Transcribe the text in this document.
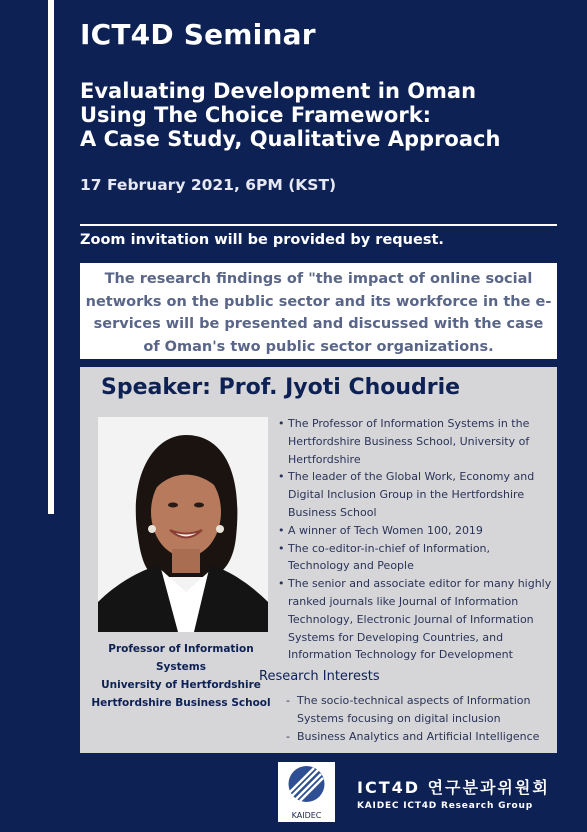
ICT4D Seminar
Evaluating Development in Oman
Using The Choice Framework:
A Case Study, Qualitative Approach
17 February 2021, 6PM (KST)
Zoom invitation will be provided by request.
The research findings of "the impact of online social networks on the public sector and its workforce in the e-services will be presented and discussed with the case of Oman's two public sector organizations.
Speaker: Prof. Jyoti Choudrie
Professor of Information Systems
University of Hertfordshire
Hertfordshire Business School
• The Professor of Information Systems in the Hertfordshire Business School, University of Hertfordshire
• The leader of the Global Work, Economy and Digital Inclusion Group in the Hertfordshire Business School
• A winner of Tech Women 100, 2019
• The co-editor-in-chief of Information, Technology and People
• The senior and associate editor for many highly ranked journals like Journal of Information Technology, Electronic Journal of Information Systems for Developing Countries, and Information Technology for Development
Research Interests
- The socio-technical aspects of Information Systems focusing on digital inclusion
- Business Analytics and Artificial Intelligence
KAIDEC
ICT4D 연구분과위원회
KAIDEC ICT4D Research Group
